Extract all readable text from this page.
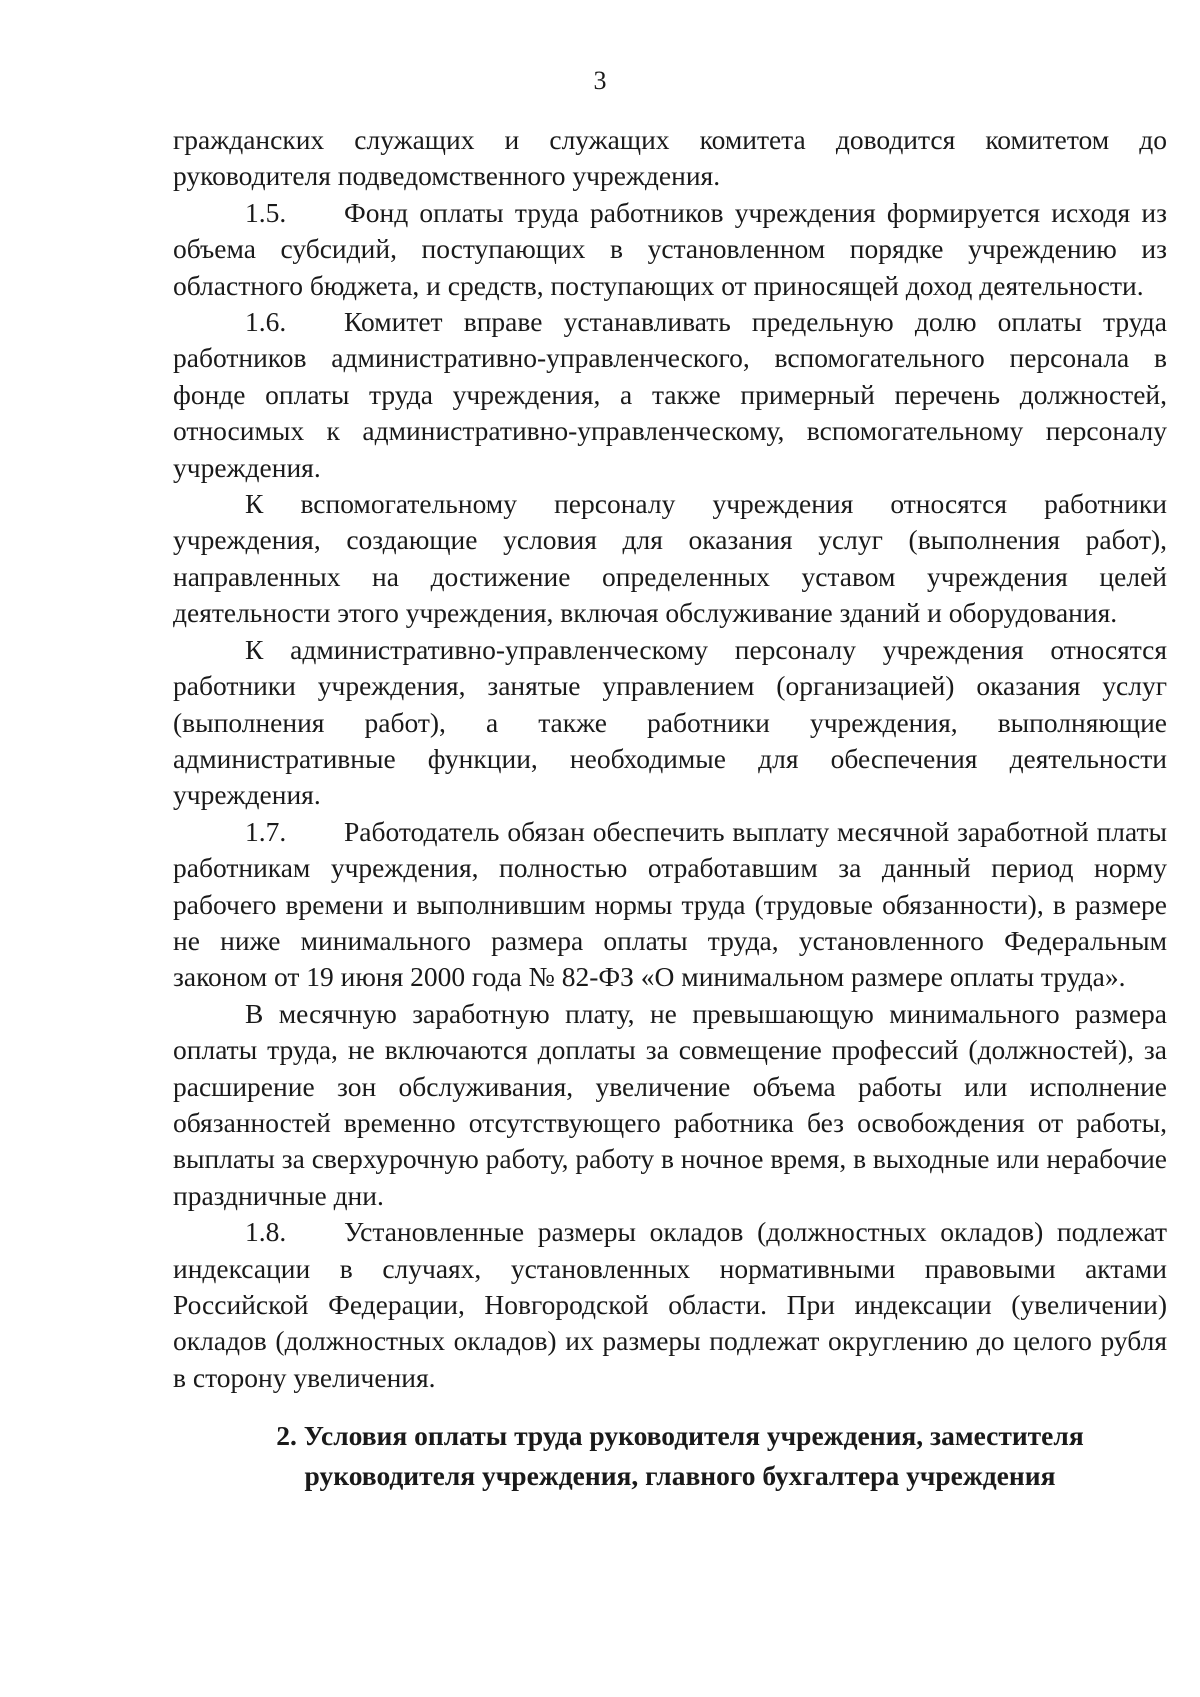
3

гражданских служащих и служащих комитета доводится комитетом до руководителя подведомственного учреждения.

1.5. Фонд оплаты труда работников учреждения формируется исходя из объема субсидий, поступающих в установленном порядке учреждению из областного бюджета, и средств, поступающих от приносящей доход деятельности.

1.6. Комитет вправе устанавливать предельную долю оплаты труда работников административно-управленческого, вспомогательного персонала в фонде оплаты труда учреждения, а также примерный перечень должностей, относимых к административно-управленческому, вспомогательному персоналу учреждения.

К вспомогательному персоналу учреждения относятся работники учреждения, создающие условия для оказания услуг (выполнения работ), направленных на достижение определенных уставом учреждения целей деятельности этого учреждения, включая обслуживание зданий и оборудования.

К административно-управленческому персоналу учреждения относятся работники учреждения, занятые управлением (организацией) оказания услуг (выполнения работ), а также работники учреждения, выполняющие административные функции, необходимые для обеспечения деятельности учреждения.

1.7. Работодатель обязан обеспечить выплату месячной заработной платы работникам учреждения, полностью отработавшим за данный период норму рабочего времени и выполнившим нормы труда (трудовые обязанности), в размере не ниже минимального размера оплаты труда, установленного Федеральным законом от 19 июня 2000 года № 82-ФЗ «О минимальном размере оплаты труда».

В месячную заработную плату, не превышающую минимального размера оплаты труда, не включаются доплаты за совмещение профессий (должностей), за расширение зон обслуживания, увеличение объема работы или исполнение обязанностей временно отсутствующего работника без освобождения от работы, выплаты за сверхурочную работу, работу в ночное время, в выходные или нерабочие праздничные дни.

1.8. Установленные размеры окладов (должностных окладов) подлежат индексации в случаях, установленных нормативными правовыми актами Российской Федерации, Новгородской области. При индексации (увеличении) окладов (должностных окладов) их размеры подлежат округлению до целого рубля в сторону увеличения.

2. Условия оплаты труда руководителя учреждения, заместителя руководителя учреждения, главного бухгалтера учреждения
